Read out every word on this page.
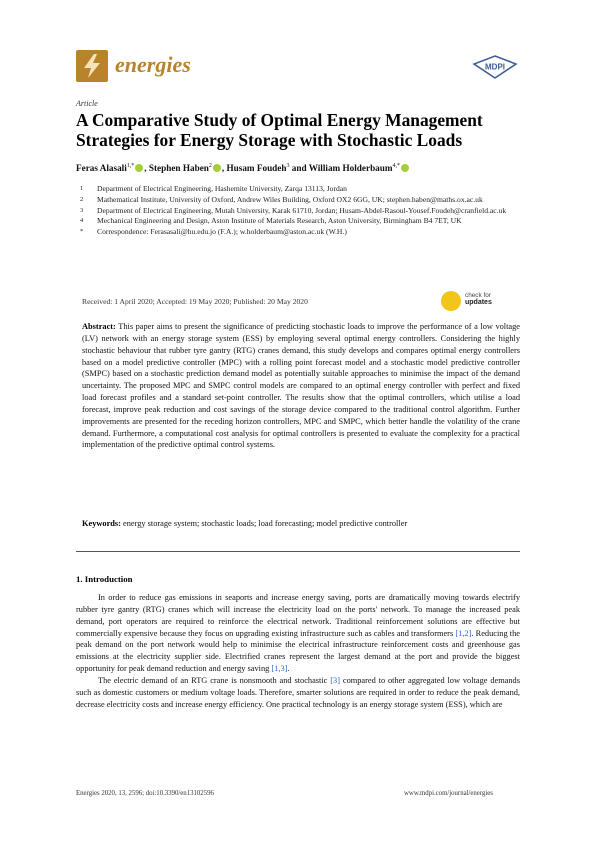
energies	MDPI
Article
A Comparative Study of Optimal Energy Management Strategies for Energy Storage with Stochastic Loads
Feras Alasali$^{1,*}$ , Stephen Haben$^2$ , Husam Foudeh$^3$ and William Holderbaum$^{4,*}$
1	Department of Electrical Engineering, Hashemite University, Zarqa 13113, Jordan
2	Mathematical Institute, University of Oxford, Andrew Wiles Building, Oxford OX2 6GG, UK; stephen.haben@maths.ox.ac.uk
3	Department of Electrical Engineering, Mutah University, Karak 61710, Jordan; Husam-Abdel-Rasoul-Yousef.Foudeh@cranfield.ac.uk
4	Mechanical Engineering and Design, Aston Institute of Materials Research, Aston University, Birmingham B4 7ET, UK
*	Correspondence: Ferasasali@hu.edu.jo (F.A.); w.holderbaum@aston.ac.uk (W.H.)
Received: 1 April 2020; Accepted: 19 May 2020; Published: 20 May 2020
check for
updates
Abstract: This paper aims to present the significance of predicting stochastic loads to improve the performance of a low voltage (LV) network with an energy storage system (ESS) by employing several optimal energy controllers. Considering the highly stochastic behaviour that rubber tyre gantry (RTG) cranes demand, this study develops and compares optimal energy controllers based on a model predictive controller (MPC) with a rolling point forecast model and a stochastic model predictive controller (SMPC) based on a stochastic prediction demand model as potentially suitable approaches to minimise the impact of the demand uncertainty. The proposed MPC and SMPC control models are compared to an optimal energy controller with perfect and fixed load forecast profiles and a standard set-point controller. The results show that the optimal controllers, which utilise a load forecast, improve peak reduction and cost savings of the storage device compared to the traditional control algorithm. Further improvements are presented for the receding horizon controllers, MPC and SMPC, which better handle the volatility of the crane demand. Furthermore, a computational cost analysis for optimal controllers is presented to evaluate the complexity for a practical implementation of the predictive optimal control systems.
Keywords: energy storage system; stochastic loads; load forecasting; model predictive controller
1. Introduction

In order to reduce gas emissions in seaports and increase energy saving, ports are dramatically moving towards electrify rubber tyre gantry (RTG) cranes which will increase the electricity load on the ports' network. To manage the increased peak demand, port operators are required to reinforce the electrical network. Traditional reinforcement solutions are effective but commercially expensive because they focus on upgrading existing infrastructure such as cables and transformers [1,2]. Reducing the peak demand on the port network would help to minimise the electrical infrastructure reinforcement costs and greenhouse gas emissions at the electricity supplier side. Electrified cranes represent the largest demand at the port and provide the biggest opportunity for peak demand reduction and energy saving [1,3].

The electric demand of an RTG crane is nonsmooth and stochastic [3] compared to other aggregated low voltage demands such as domestic customers or medium voltage loads. Therefore, smarter solutions are required in order to reduce the peak demand, decrease electricity costs and increase energy efficiency. One practical technology is an energy storage system (ESS), which are

Energies 2020, 13, 2596; doi:10.3390/en13102596	www.mdpi.com/journal/energies
